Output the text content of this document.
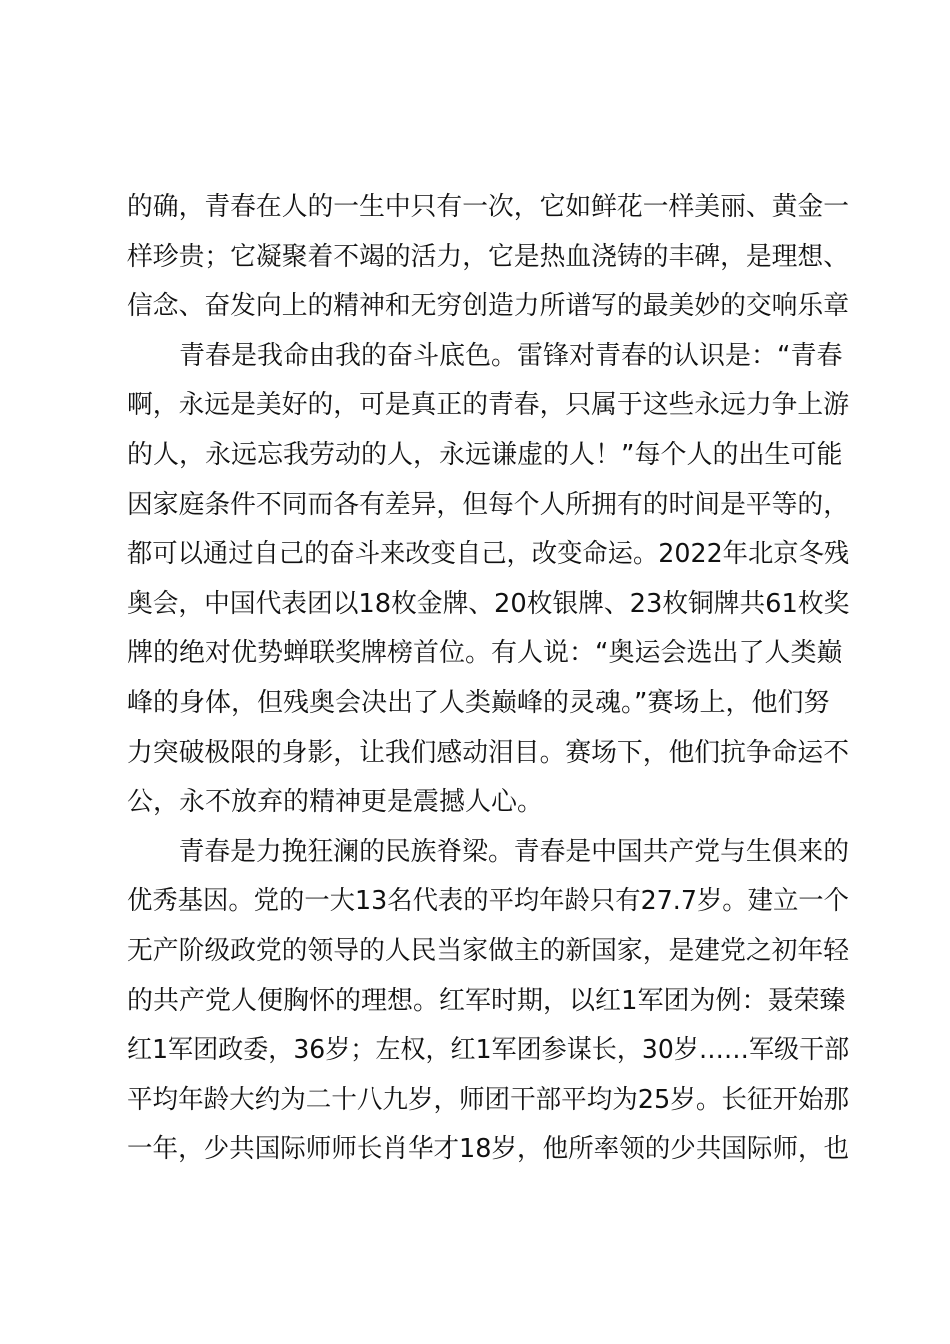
的确，青春在人的一生中只有一次，它如鲜花一样美丽、黄金一
样珍贵；它凝聚着不竭的活力，它是热血浇铸的丰碑，是理想、
信念、奋发向上的精神和无穷创造力所谱写的最美妙的交响乐章
　　青春是我命由我的奋斗底色。雷锋对青春的认识是：“青春
啊，永远是美好的，可是真正的青春，只属于这些永远力争上游
的人，永远忘我劳动的人，永远谦虚的人！”每个人的出生可能
因家庭条件不同而各有差异，但每个人所拥有的时间是平等的，
都可以通过自己的奋斗来改变自己，改变命运。2022年北京冬残
奥会，中国代表团以18枚金牌、20枚银牌、23枚铜牌共61枚奖
牌的绝对优势蝉联奖牌榜首位。有人说：“奥运会选出了人类巅
峰的身体，但残奥会决出了人类巅峰的灵魂。”赛场上，他们努
力突破极限的身影，让我们感动泪目。赛场下，他们抗争命运不
公，永不放弃的精神更是震撼人心。
　　青春是力挽狂澜的民族脊梁。青春是中国共产党与生俱来的
优秀基因。党的一大13名代表的平均年龄只有27.7岁。建立一个
无产阶级政党的领导的人民当家做主的新国家，是建党之初年轻
的共产党人便胸怀的理想。红军时期，以红1军团为例：聂荣臻
红1军团政委，36岁；左权，红1军团参谋长，30岁……军级干部
平均年龄大约为二十八九岁，师团干部平均为25岁。长征开始那
一年，少共国际师师长肖华才18岁，他所率领的少共国际师，也
